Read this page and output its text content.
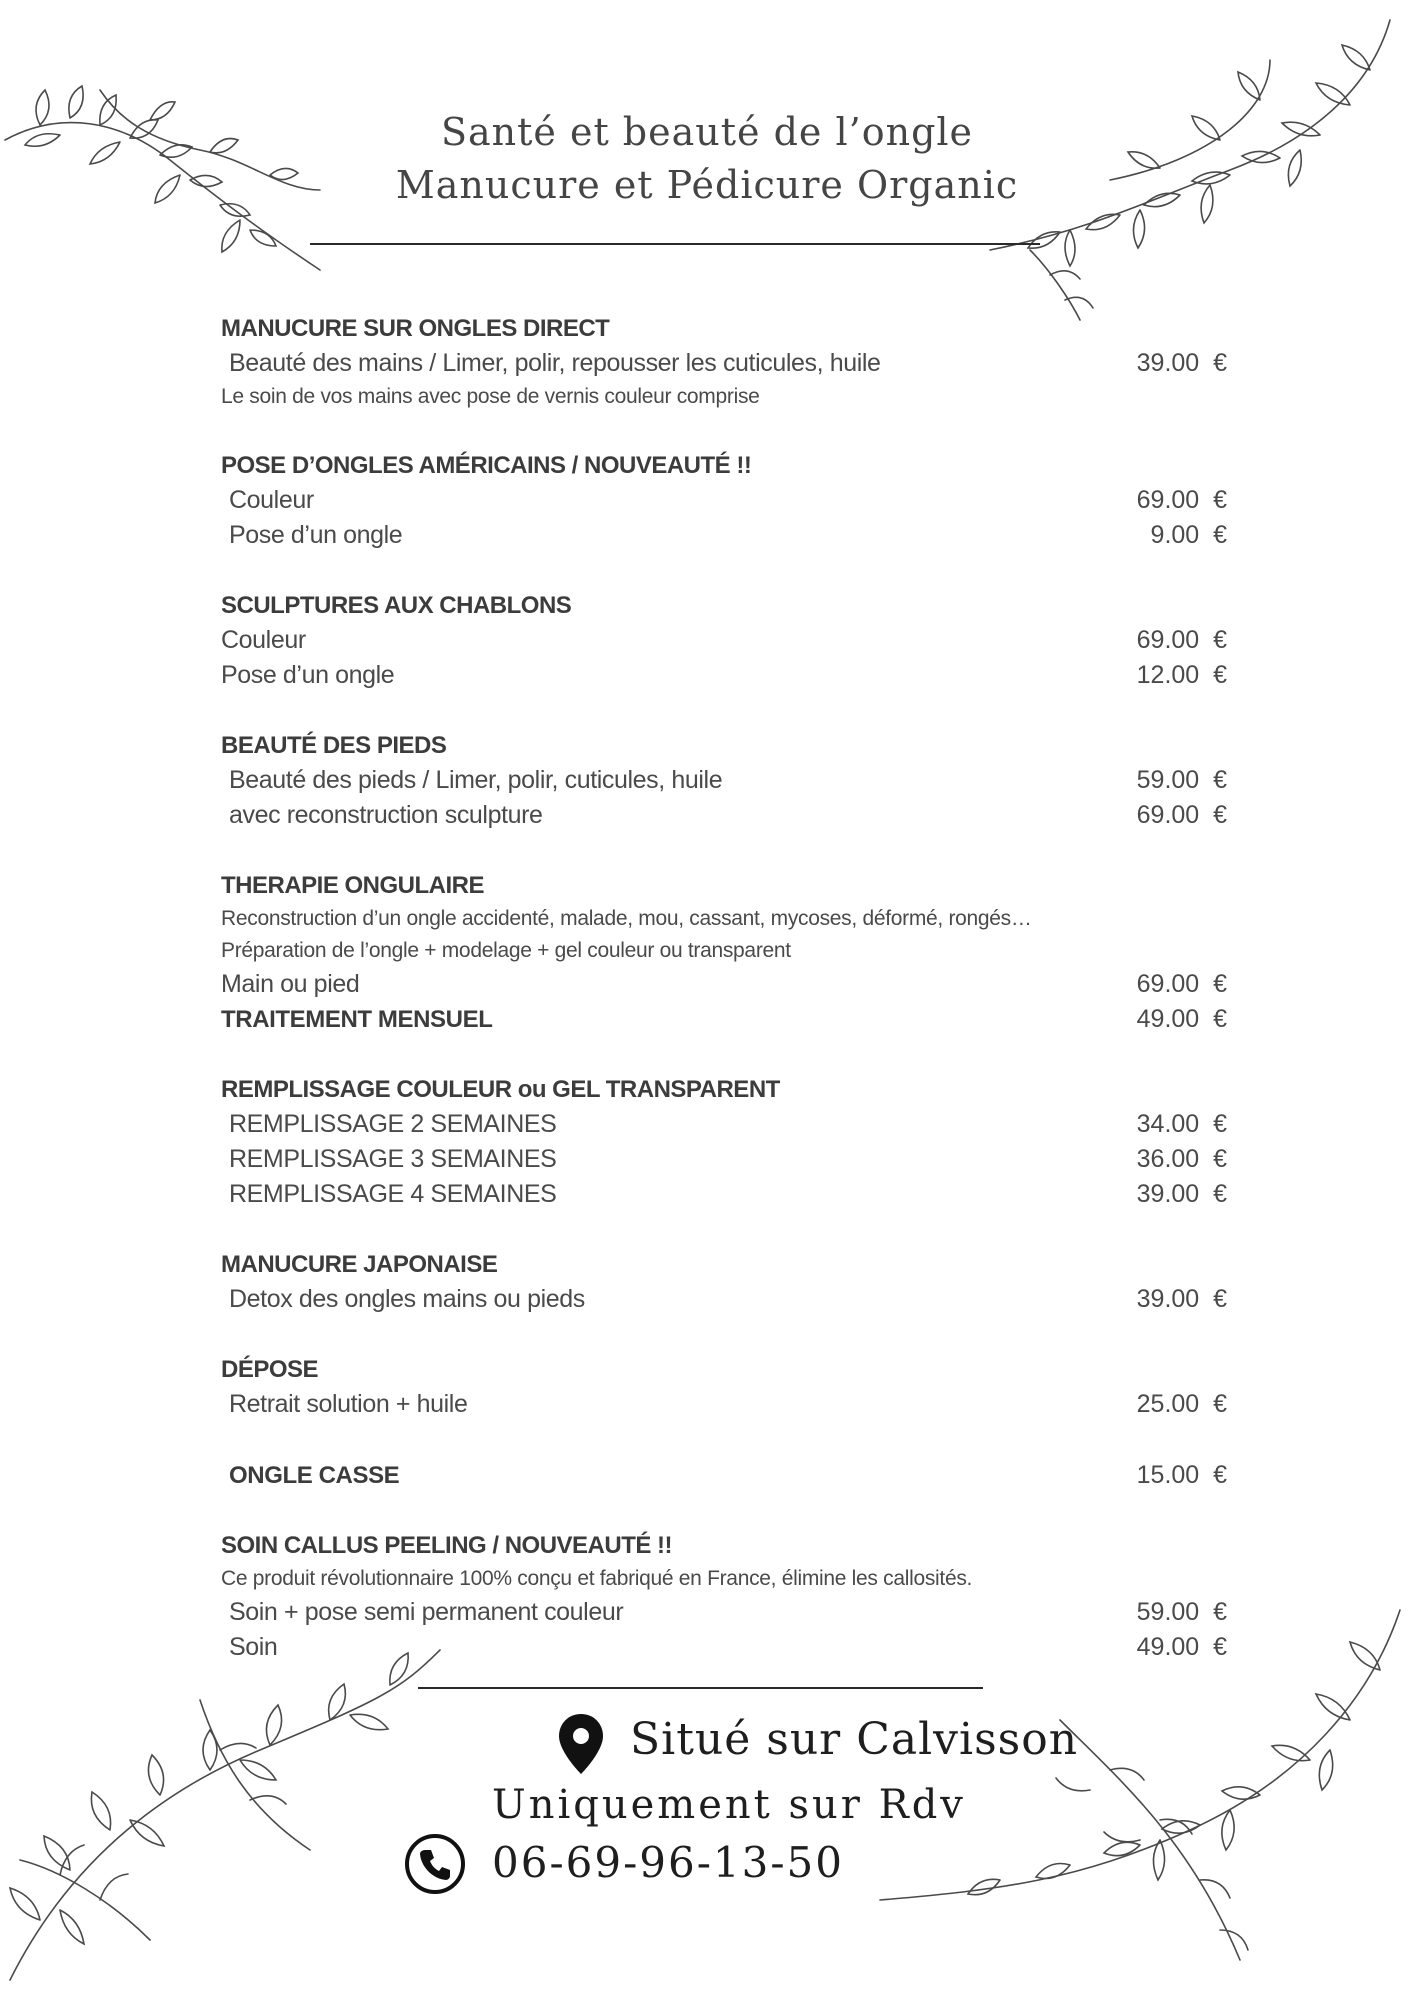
Santé et beauté de l’ongle
Manucure et Pédicure Organic
MANUCURE SUR ONGLES DIRECT
Beauté des mains / Limer, polir, repousser les cuticules, huile	39.00  €
Le soin de vos mains avec pose de vernis couleur comprise
POSE D’ONGLES AMÉRICAINS / NOUVEAUTÉ !!
Couleur	69.00  €
Pose d’un ongle	9.00  €
SCULPTURES AUX CHABLONS
Couleur	69.00  €
Pose d’un ongle	12.00  €
BEAUTÉ DES PIEDS
Beauté des pieds / Limer, polir, cuticules, huile	59.00  €
avec reconstruction sculpture	69.00  €
THERAPIE ONGULAIRE
Reconstruction d’un ongle accidenté, malade, mou, cassant, mycoses, déformé, rongés…
Préparation de l’ongle + modelage + gel couleur ou transparent
Main ou pied	69.00  €
TRAITEMENT MENSUEL	49.00  €
REMPLISSAGE COULEUR ou GEL TRANSPARENT
REMPLISSAGE 2 SEMAINES	34.00  €
REMPLISSAGE 3 SEMAINES	36.00  €
REMPLISSAGE 4 SEMAINES	39.00  €
MANUCURE JAPONAISE
Detox des ongles mains ou pieds	39.00  €
DÉPOSE
Retrait solution + huile	25.00  €
ONGLE CASSE	15.00  €
SOIN CALLUS PEELING / NOUVEAUTÉ !!
Ce produit révolutionnaire 100% conçu et fabriqué en France, élimine les callosités.
Soin + pose semi permanent couleur	59.00  €
Soin	49.00  €
Situé sur Calvisson
Uniquement sur Rdv
06-69-96-13-50
